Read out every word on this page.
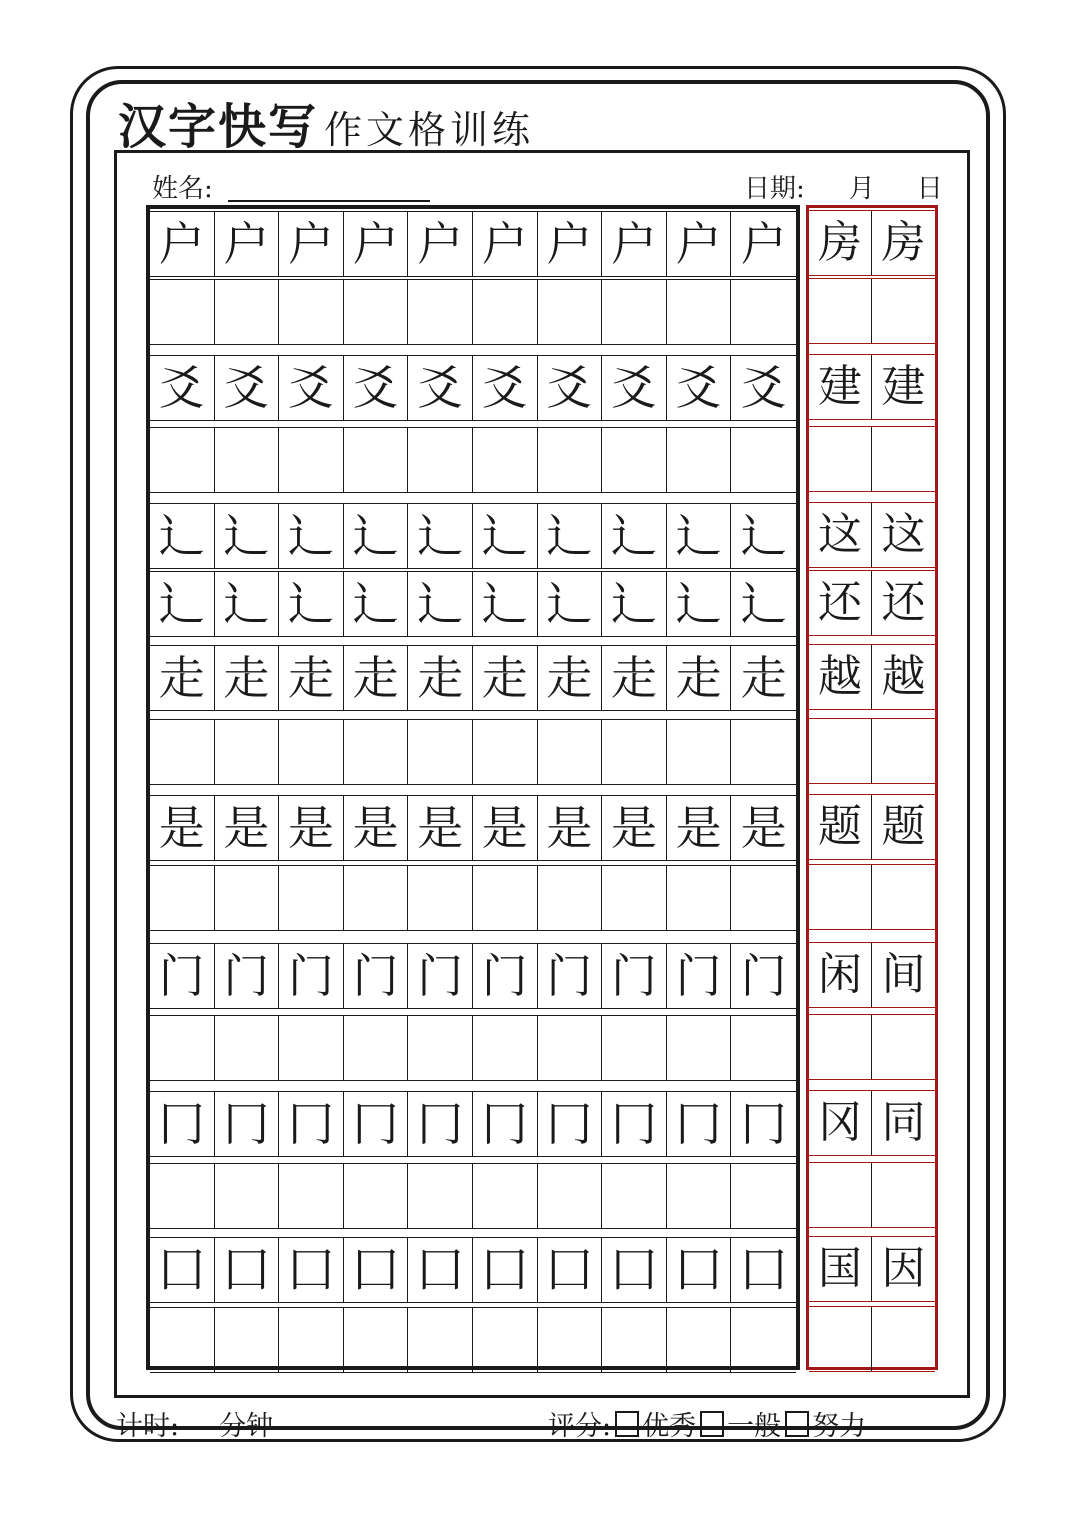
汉字快写 作文格训练
姓名:	日期: 月 日
户 户 户 户 户 户 户 户 户 户
爻 爻 爻 爻 爻 爻 爻 爻 爻 爻
辶 辶 辶 辶 辶 辶 辶 辶 辶 辶
辶 辶 辶 辶 辶 辶 辶 辶 辶 辶
走 走 走 走 走 走 走 走 走 走
是 是 是 是 是 是 是 是 是 是
门 门 门 门 门 门 门 门 门 门
冂 冂 冂 冂 冂 冂 冂 冂 冂 冂
囗 囗 囗 囗 囗 囗 囗 囗 囗 囗
房 房
建 建
这 这
还 还
越 越
题 题
闲 间
冈 同
国 因
计时: 分钟	评分: 优秀 一般 努力
